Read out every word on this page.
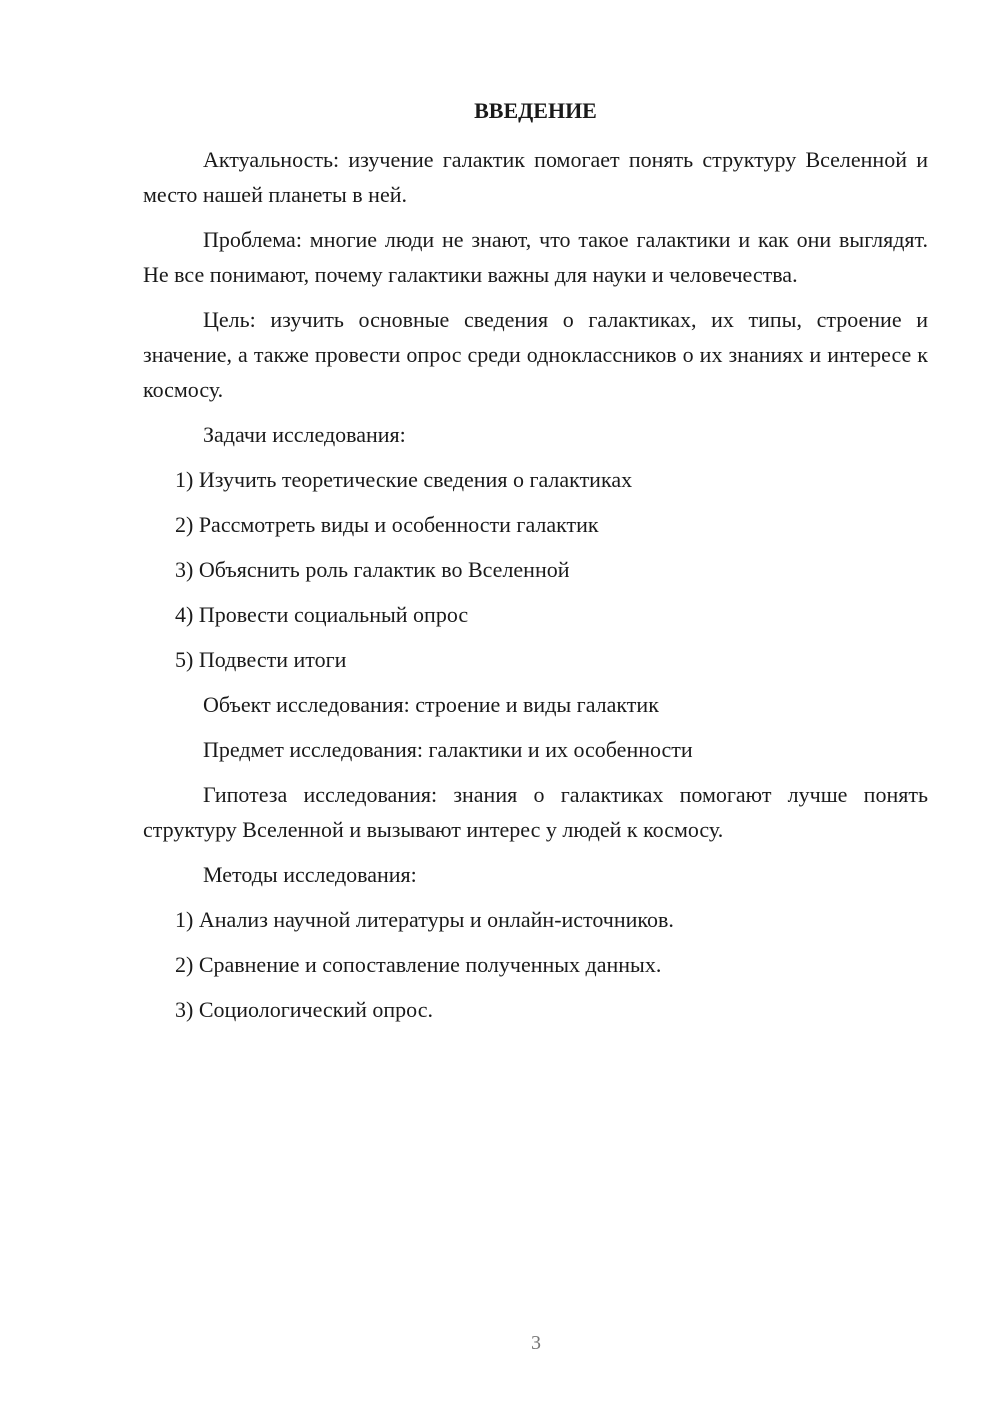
ВВЕДЕНИЕ

Актуальность: изучение галактик помогает понять структуру Вселенной и место нашей планеты в ней.

Проблема: многие люди не знают, что такое галактики и как они выглядят. Не все понимают, почему галактики важны для науки и человечества.

Цель: изучить основные сведения о галактиках, их типы, строение и значение, а также провести опрос среди одноклассников о их знаниях и интересе к космосу.

Задачи исследования:

1) Изучить теоретические сведения о галактиках

2) Рассмотреть виды и особенности галактик

3) Объяснить роль галактик во Вселенной

4) Провести социальный опрос

5) Подвести итоги

Объект исследования: строение и виды галактик

Предмет исследования: галактики и их особенности

Гипотеза исследования: знания о галактиках помогают лучше понять структуру Вселенной и вызывают интерес у людей к космосу.

Методы исследования:

1) Анализ научной литературы и онлайн-источников.

2) Сравнение и сопоставление полученных данных.

3) Социологический опрос.

3
